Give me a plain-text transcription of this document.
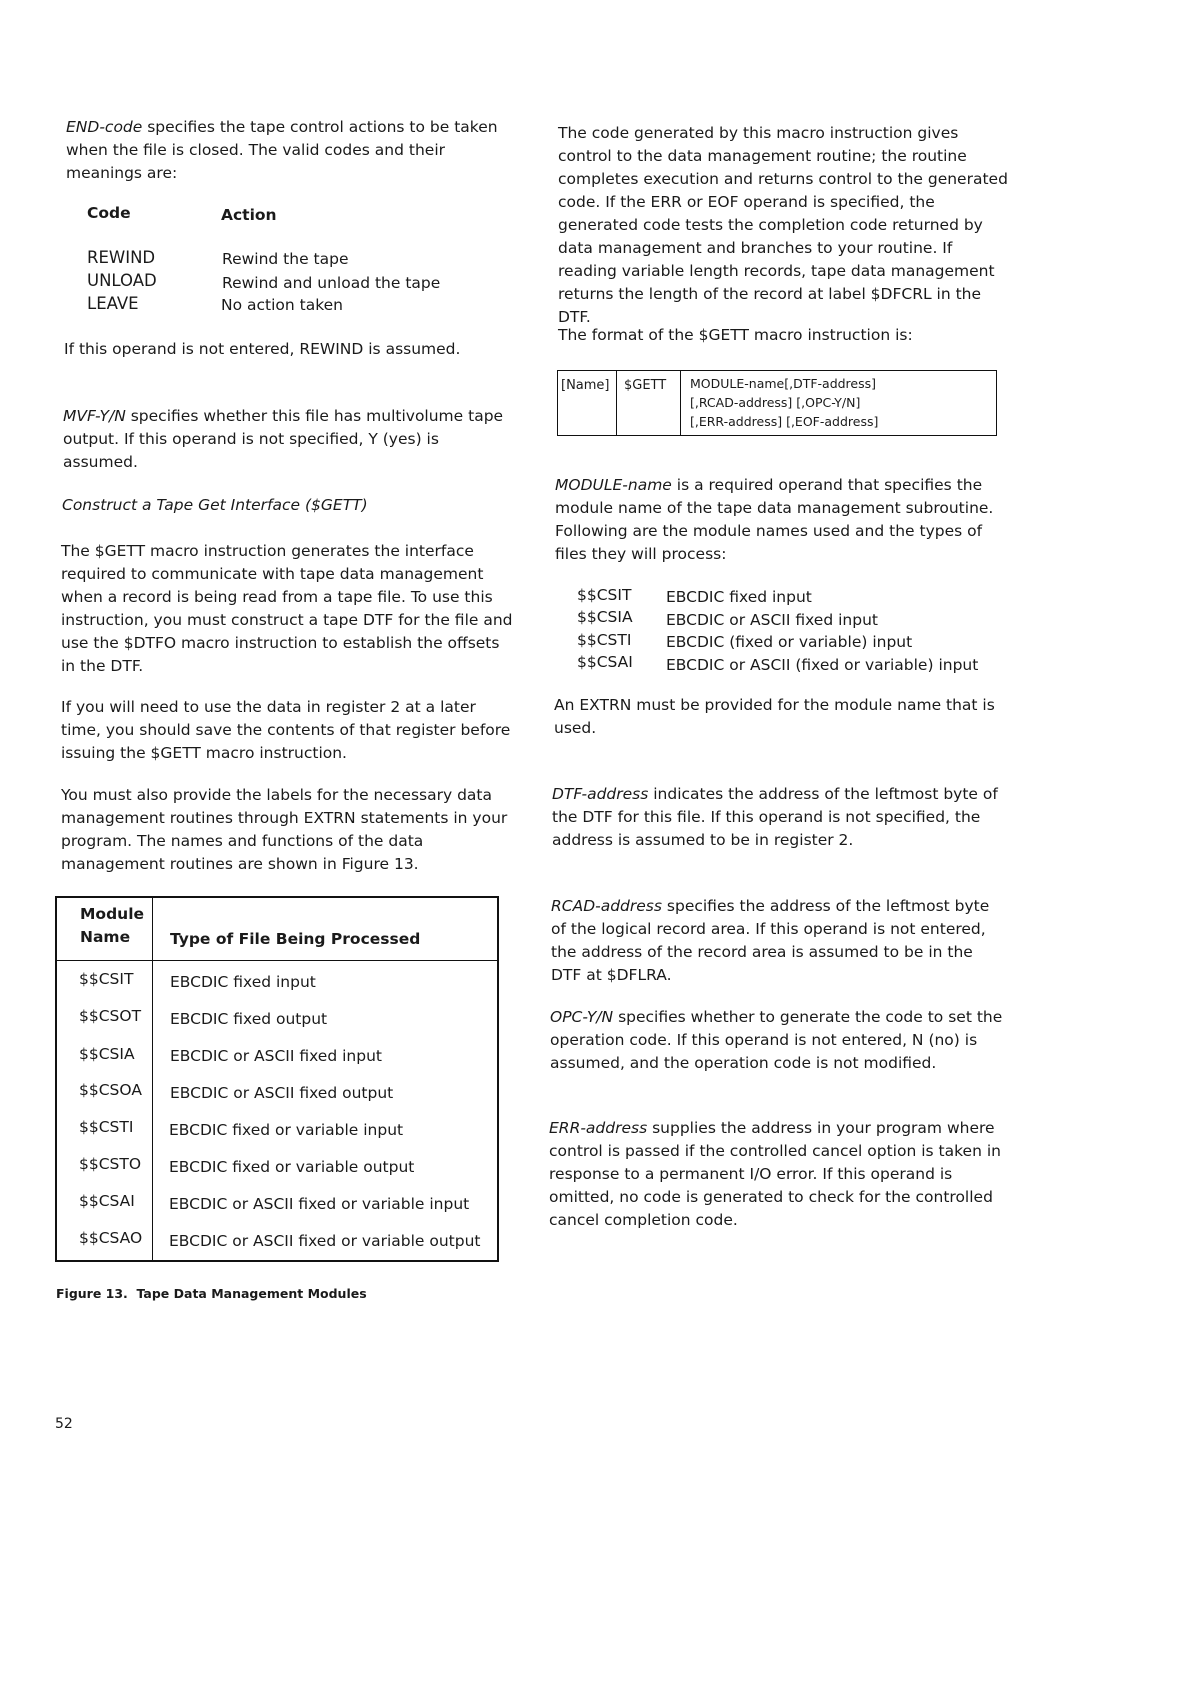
END-code specifies the tape control actions to be taken when the file is closed. The valid codes and their meanings are:

Code	Action
REWIND	Rewind the tape
UNLOAD	Rewind and unload the tape
LEAVE	No action taken

If this operand is not entered, REWIND is assumed.

MVF-Y/N specifies whether this file has multivolume tape output. If this operand is not specified, Y (yes) is assumed.

Construct a Tape Get Interface ($GETT)

The $GETT macro instruction generates the interface required to communicate with tape data management when a record is being read from a tape file. To use this instruction, you must construct a tape DTF for the file and use the $DTFO macro instruction to establish the offsets in the DTF.

If you will need to use the data in register 2 at a later time, you should save the contents of that register before issuing the $GETT macro instruction.

You must also provide the labels for the necessary data management routines through EXTRN statements in your program. The names and functions of the data management routines are shown in Figure 13.

Module
Name	Type of File Being Processed
$$CSIT EBCDIC fixed input
$$CSOT EBCDIC fixed output
$$CSIA EBCDIC or ASCII fixed input
$$CSOA EBCDIC or ASCII fixed output
$$CSTI EBCDIC fixed or variable input
$$CSTO EBCDIC fixed or variable output
$$CSAI EBCDIC or ASCII fixed or variable input
$$CSAO EBCDIC or ASCII fixed or variable output

Figure 13.  Tape Data Management Modules

52

The code generated by this macro instruction gives control to the data management routine; the routine completes execution and returns control to the generated code. If the ERR or EOF operand is specified, the generated code tests the completion code returned by data management and branches to your routine. If reading variable length records, tape data management returns the length of the record at label $DFCRL in the DTF.

The format of the $GETT macro instruction is:

[Name] $GETT MODULE-name[,DTF-address]
[,RCAD-address] [,OPC-Y/N]
[,ERR-address] [,EOF-address]

MODULE-name is a required operand that specifies the module name of the tape data management subroutine. Following are the module names used and the types of files they will process:

$$CSIT EBCDIC fixed input
$$CSIA EBCDIC or ASCII fixed input
$$CSTI EBCDIC (fixed or variable) input
$$CSAI EBCDIC or ASCII (fixed or variable) input

An EXTRN must be provided for the module name that is used.

DTF-address indicates the address of the leftmost byte of the DTF for this file. If this operand is not specified, the address is assumed to be in register 2.

RCAD-address specifies the address of the leftmost byte of the logical record area. If this operand is not entered, the address of the record area is assumed to be in the DTF at $DFLRA.

OPC-Y/N specifies whether to generate the code to set the operation code. If this operand is not entered, N (no) is assumed, and the operation code is not modified.

ERR-address supplies the address in your program where control is passed if the controlled cancel option is taken in response to a permanent I/O error. If this operand is omitted, no code is generated to check for the controlled cancel completion code.
